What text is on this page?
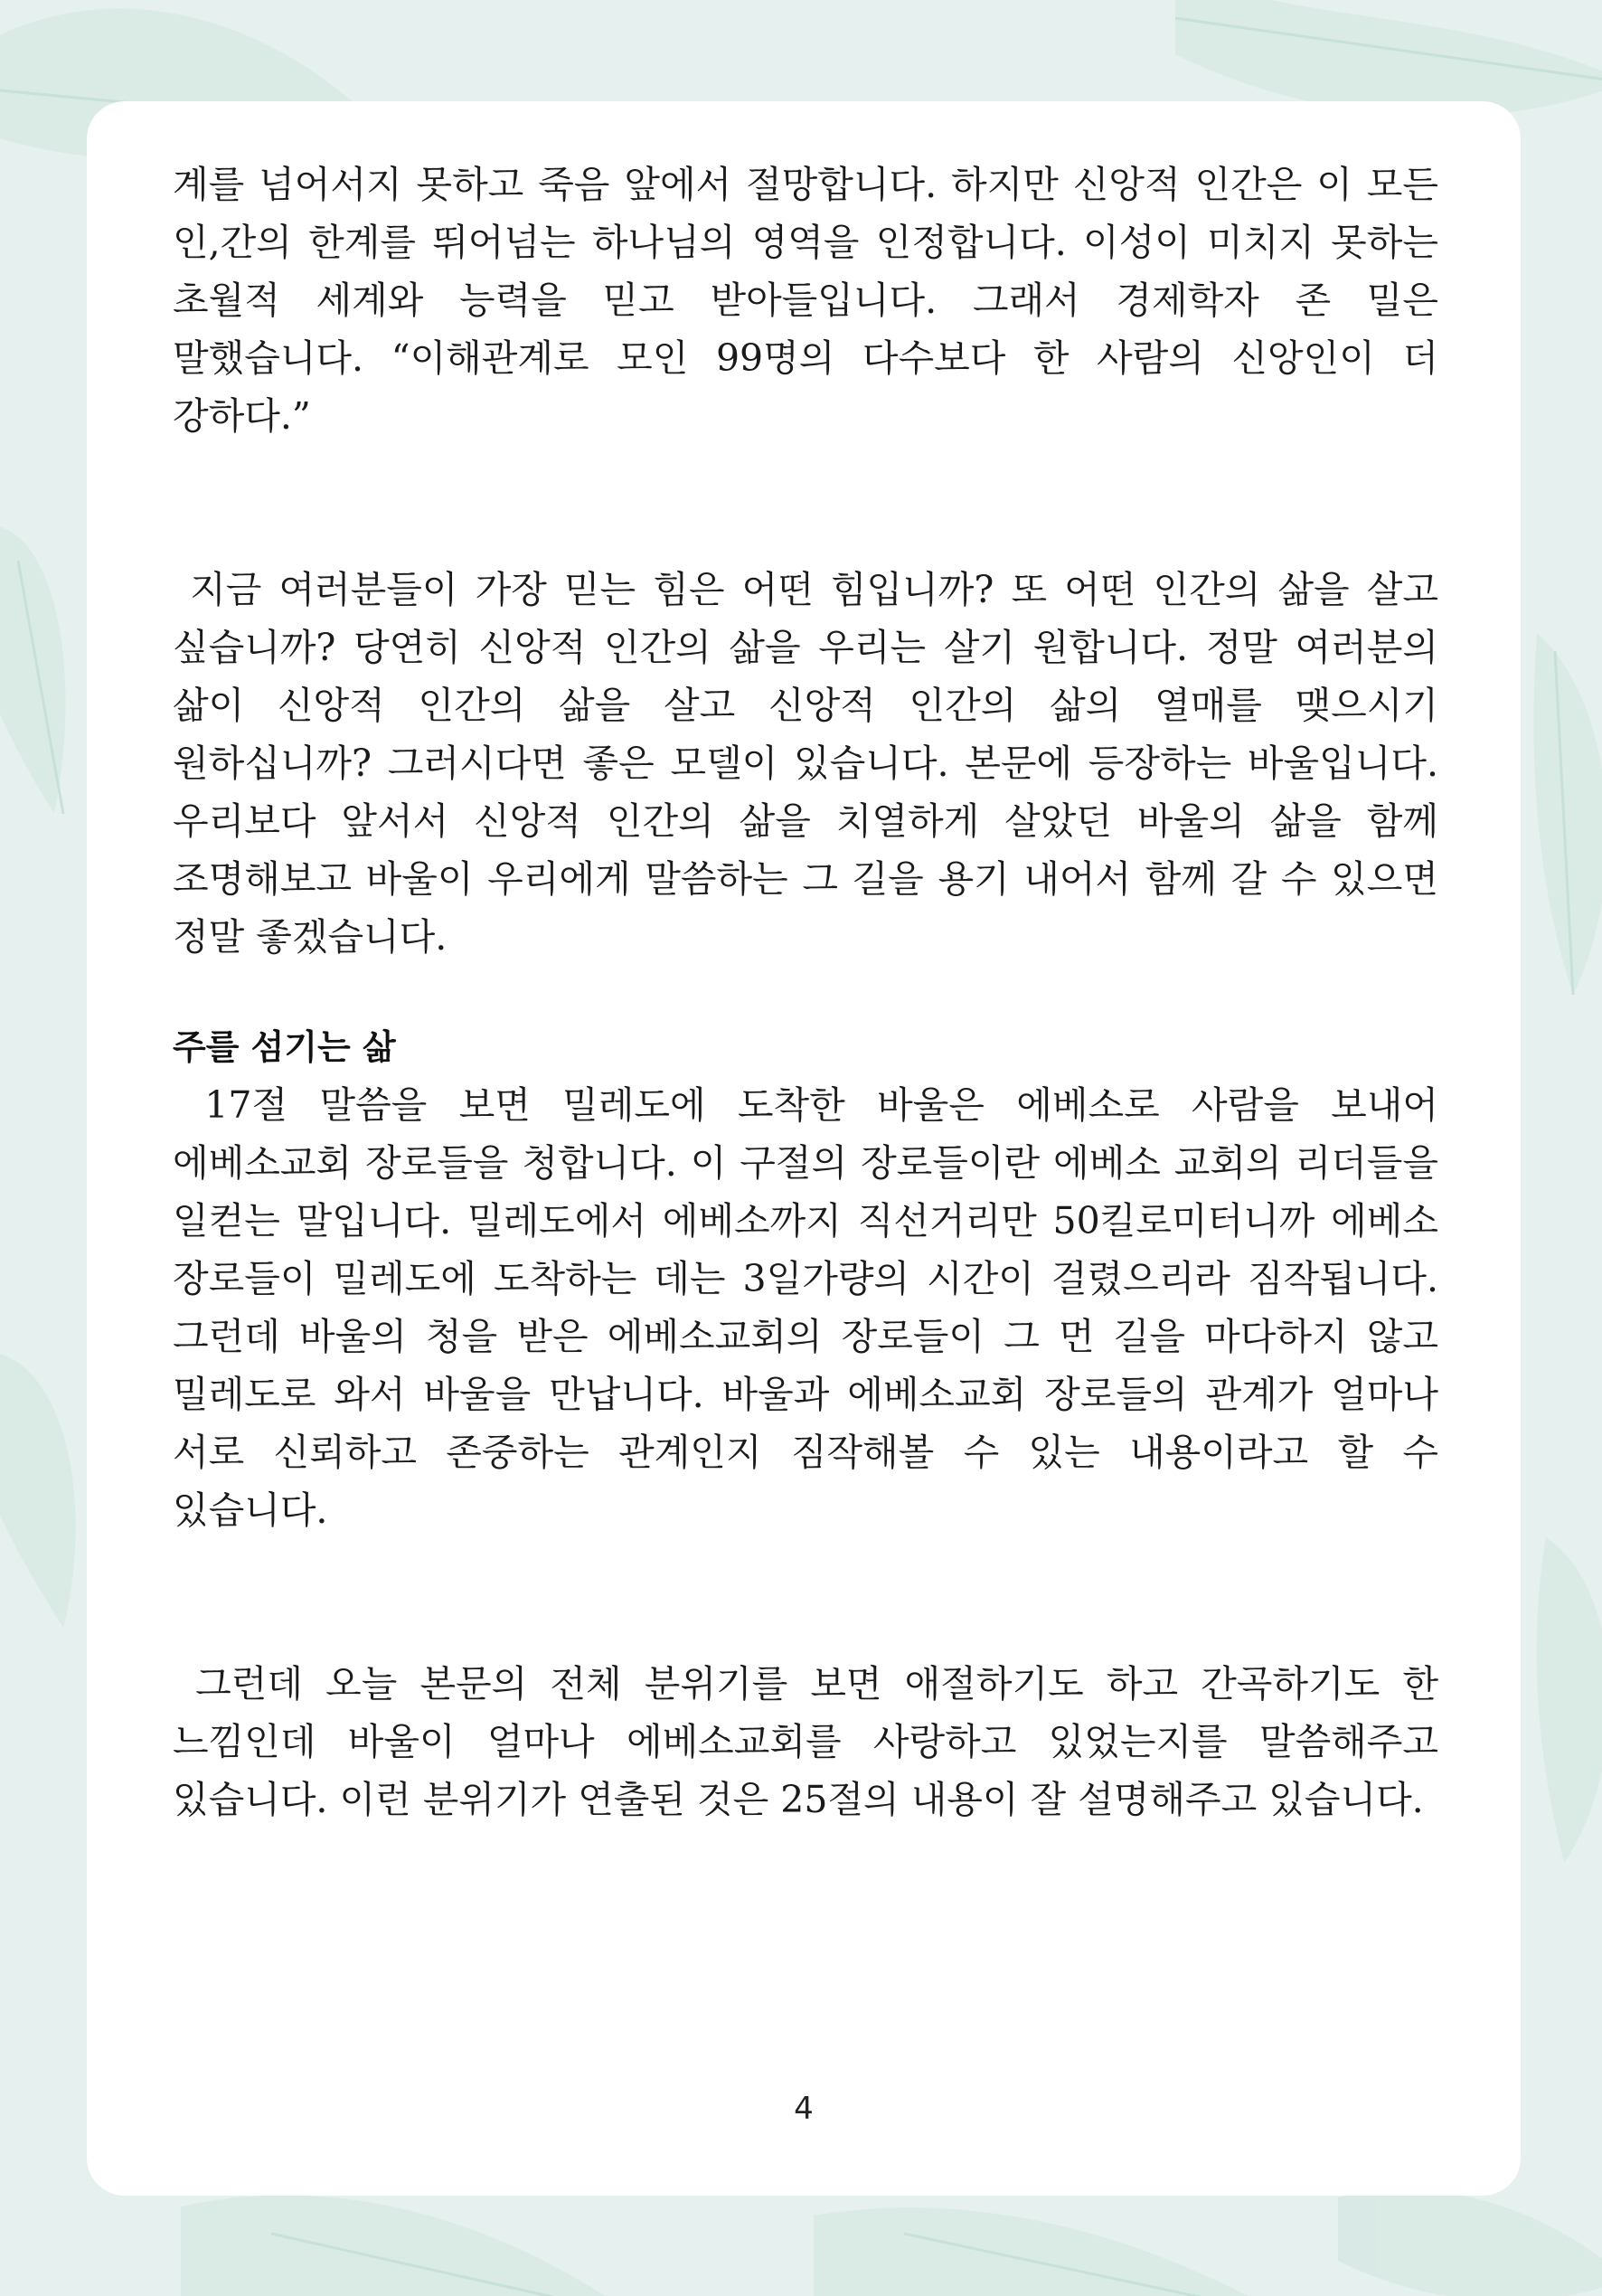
계를 넘어서지 못하고 죽음 앞에서 절망합니다. 하지만 신앙적 인간은 이 모든 인,간의 한계를 뛰어넘는 하나님의 영역을 인정합니다. 이성이 미치지 못하는 초월적 세계와 능력을 믿고 받아들입니다. 그래서 경제학자 존 밀은 말했습니다. “이해관계로 모인 99명의 다수보다 한 사람의 신앙인이 더 강하다.”

지금 여러분들이 가장 믿는 힘은 어떤 힘입니까? 또 어떤 인간의 삶을 살고 싶습니까? 당연히 신앙적 인간의 삶을 우리는 살기 원합니다. 정말 여러분의 삶이 신앙적 인간의 삶을 살고 신앙적 인간의 삶의 열매를 맺으시기 원하십니까? 그러시다면 좋은 모델이 있습니다. 본문에 등장하는 바울입니다. 우리보다 앞서서 신앙적 인간의 삶을 치열하게 살았던 바울의 삶을 함께 조명해보고 바울이 우리에게 말씀하는 그 길을 용기 내어서 함께 갈 수 있으면 정말 좋겠습니다.

주를 섬기는 삶

17절 말씀을 보면 밀레도에 도착한 바울은 에베소로 사람을 보내어 에베소교회 장로들을 청합니다. 이 구절의 장로들이란 에베소 교회의 리더들을 일컫는 말입니다. 밀레도에서 에베소까지 직선거리만 50킬로미터니까 에베소 장로들이 밀레도에 도착하는 데는 3일가량의 시간이 걸렸으리라 짐작됩니다. 그런데 바울의 청을 받은 에베소교회의 장로들이 그 먼 길을 마다하지 않고 밀레도로 와서 바울을 만납니다. 바울과 에베소교회 장로들의 관계가 얼마나 서로 신뢰하고 존중하는 관계인지 짐작해볼 수 있는 내용이라고 할 수 있습니다.

그런데 오늘 본문의 전체 분위기를 보면 애절하기도 하고 간곡하기도 한 느낌인데 바울이 얼마나 에베소교회를 사랑하고 있었는지를 말씀해주고 있습니다. 이런 분위기가 연출된 것은 25절의 내용이 잘 설명해주고 있습니다.

4
